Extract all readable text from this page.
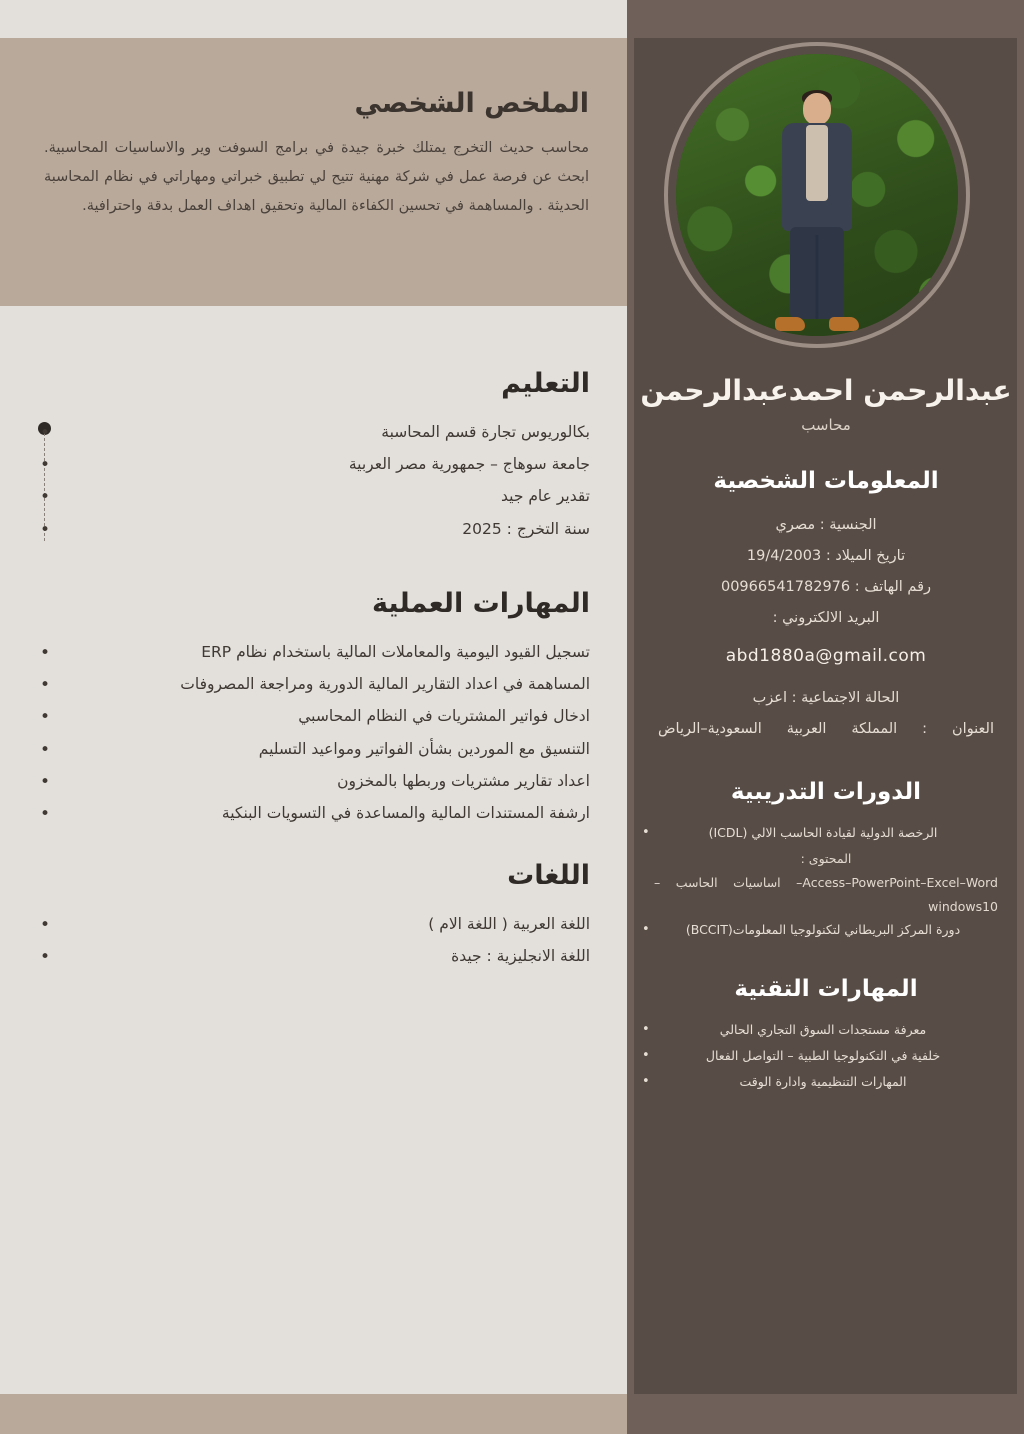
الملخص الشخصي

محاسب حديث التخرج يمتلك خبرة جيدة في برامج السوفت وير والاساسيات المحاسبية. ابحث عن فرصة عمل في شركة مهنية تتيح لي تطبيق خبراتي ومهاراتي في نظام المحاسبة الحديثة . والمساهمة في تحسين الكفاءة المالية وتحقيق اهداف العمل بدقة واحترافية.

التعليم
بكالوريوس تجارة قسم المحاسبة •
جامعة سوهاج – جمهورية مصر العربية •
تقدير عام جيد •
سنة التخرج : 2025 •
المهارات العملية
تسجيل القيود اليومية والمعاملات المالية باستخدام نظام ERP •
المساهمة في اعداد التقارير المالية الدورية ومراجعة المصروفات •
ادخال فواتير المشتريات في النظام المحاسبي •
التنسيق مع الموردين بشأن الفواتير ومواعيد التسليم •
اعداد تقارير مشتريات وربطها بالمخزون •
ارشفة المستندات المالية والمساعدة في التسويات البنكية •
اللغات
اللغة العربية ( اللغة الام ) •
اللغة الانجليزية : جيدة •
عبدالرحمن احمدعبدالرحمن
محاسب
المعلومات الشخصية
الجنسية : مصري
تاريخ الميلاد : 19/4/2003
رقم الهاتف : 00966541782976
البريد الالكتروني :
abd1880a@gmail.com
الحالة الاجتماعية : اعزب
العنوان : المملكة العربية السعودية–الرياض
الدورات التدريبية
الرخصة الدولية لقيادة الحاسب الالي (ICDL) •
المحتوى :
Access–PowerPoint–Excel–Word– اساسيات الحاسب –windows10
دورة المركز البريطاني لتكنولوجيا المعلومات(BCCIT) •
المهارات التقنية
معرفة مستجدات السوق التجاري الحالي •
خلفية في التكنولوجيا الطبية – التواصل الفعال •
المهارات التنظيمية وادارة الوقت •
